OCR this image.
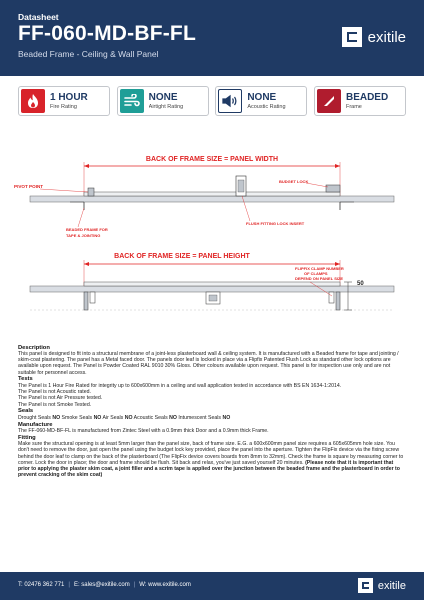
Datasheet
FF-060-MD-BF-FL
Beaded Frame - Ceiling & Wall Panel
exitile
1 HOUR
Fire Rating
NONE
Airtight Rating
NONE
Acoustic Rating
BEADED
Frame
BACK OF FRAME SIZE = PANEL WIDTH
PIVOT POINT
BUDGET LOCK
FLUSH FITTING LOCK INSERT
BEADED FRAME FOR
TAPE & JOINTING
BACK OF FRAME SIZE = PANEL HEIGHT
FLIPFIX CLAMP NUMBER
OF CLAMPS
DEPEND ON PANEL SIZE
50
Description

This panel is designed to fit into a structural membrane of a joint-less plasterboard wall & ceiling system. It is manufactured with a Beaded frame for tape and jointing / skim-coat plastering. The panel has a Metal faced door. The panels door leaf is locked in place via a Flipfix Patented Flush Lock as standard other lock options are available upon request. The Panel is Powder Coated RAL 9010 30% Gloss. Other colours available upon request. This panel is for inspection use only and are not suitable for personnel access.

Tests

The Panel is 1 Hour Fire Rated for integrity up to 600x600mm in a ceiling and wall application tested in accordance with BS EN 1634-1:2014.

The Panel is not Acoustic rated.

The Panel is not Air Pressure tested.

The Panel is not Smoke Tested.

Seals

Drought Seals NO Smoke Seals NO Air Seals NO Acoustic Seals NO Intumescent Seals NO

Manufacture

The FF-060-MD-BF-FL is manufactured from Zintec Steel with a 0.9mm thick Door and a 0.9mm thick Frame.

Fitting

Make sure the structural opening is at least 5mm larger than the panel size, back of frame size. E.G. a 600x600mm panel size requires a 605x605mm hole size. You don't need to remove the door, just open the panel using the budget lock key provided, place the panel into the aperture. Tighten the FlipFix device via the fixing screw behind the door leaf to clamp on the back of the plasterboard (The FlipFix device covers boards from 8mm to 32mm). Check the frame is square by measuring corner to corner. Lock the door in place; the door and frame should be flush. Sit back and relax, you've just saved yourself 20 minutes. (Please note that it is important that prior to applying the plaster skim coat, a joint filler and a scrim tape is applied over the junction between the beaded frame and the plasterboard in order to prevent cracking of the skim coat)

T: 02476 362 771 | E: sales@exitile.com | W: www.exitile.com	exitile
